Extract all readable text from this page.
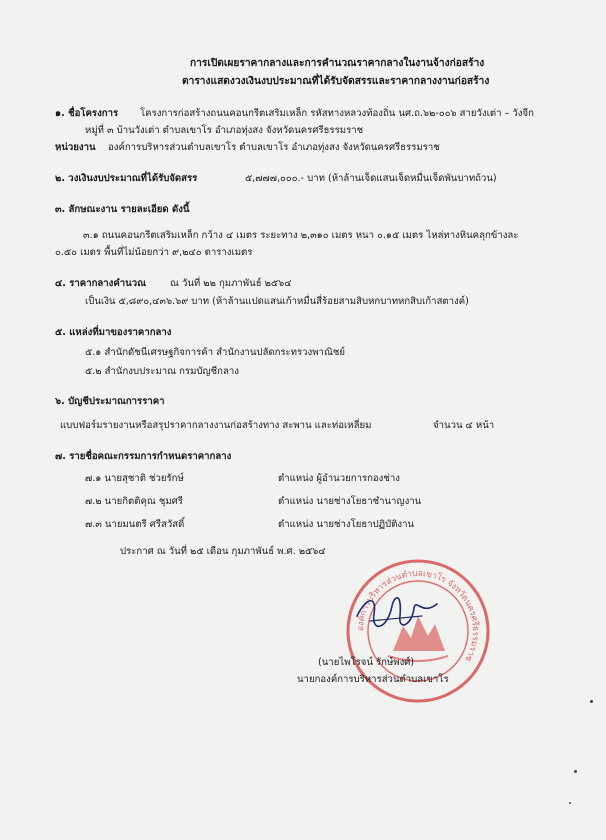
การเปิดเผยราคากลางและการคำนวณราคากลางในงานจ้างก่อสร้าง
ตารางแสดงวงเงินงบประมาณที่ได้รับจัดสรรและราคากลางงานก่อสร้าง
๑. ชื่อโครงการ โครงการก่อสร้างถนนคอนกรีตเสริมเหล็ก รหัสทางหลวงท้องถิ่น นศ.ถ.๖๒-๐๐๖ สายวังเต่า – วังจีก
หมู่ที่ ๓ บ้านวังเต่า ตำบลเขาโร อำเภอทุ่งสง จังหวัดนครศรีธรรมราช
หน่วยงาน องค์การบริหารส่วนตำบลเขาโร ตำบลเขาโร อำเภอทุ่งสง จังหวัดนครศรีธรรมราช
๒. วงเงินงบประมาณที่ได้รับจัดสรร	๕,๗๗๗,๐๐๐.- บาท (ห้าล้านเจ็ดแสนเจ็ดหมื่นเจ็ดพันบาทถ้วน)
๓. ลักษณะงาน รายละเอียด ดังนี้
๓.๑ ถนนคอนกรีตเสริมเหล็ก กว้าง ๔ เมตร ระยะทาง ๒,๓๑๐ เมตร หนา ๐.๑๕ เมตร ไหล่ทางหินคลุกข้างละ
๐.๕๐ เมตร พื้นที่ไม่น้อยกว่า ๙,๒๔๐ ตารางเมตร
๔. ราคากลางคำนวณ ณ วันที่ ๒๒ กุมภาพันธ์ ๒๕๖๔
เป็นเงิน ๕,๘๙๐,๔๓๖.๖๙ บาท (ห้าล้านแปดแสนเก้าหมื่นสี่ร้อยสามสิบหกบาทหกสิบเก้าสตางค์)
๕. แหล่งที่มาของราคากลาง
๕.๑ สำนักดัชนีเศรษฐกิจการค้า สำนักงานปลัดกระทรวงพาณิชย์
๕.๒ สำนักงบประมาณ กรมบัญชีกลาง
๖. บัญชีประมาณการราคา
แบบฟอร์มรายงานหรือสรุปราคากลางงานก่อสร้างทาง สะพาน และท่อเหลี่ยม	จำนวน ๔ หน้า
๗. รายชื่อคณะกรรมการกำหนดราคากลาง
๗.๑ นายสุชาติ ช่วยรักษ์	ตำแหน่ง ผู้อำนวยการกองช่าง
๗.๒ นายกิตติคุณ ชุมศรี	ตำแหน่ง นายช่างโยธาชำนาญงาน
๗.๓ นายมนตรี ศรีสวัสดิ์	ตำแหน่ง นายช่างโยธาปฏิบัติงาน
ประกาศ ณ วันที่ ๒๕ เดือน กุมภาพันธ์ พ.ศ. ๒๕๖๔
องค์การบริหารส่วนตำบลเขาโร จังหวัดนครศรีธรรมราช
(นายไพโรจน์ รักษ์พงศ์)
นายกองค์การบริหารส่วนตำบลเขาโร
